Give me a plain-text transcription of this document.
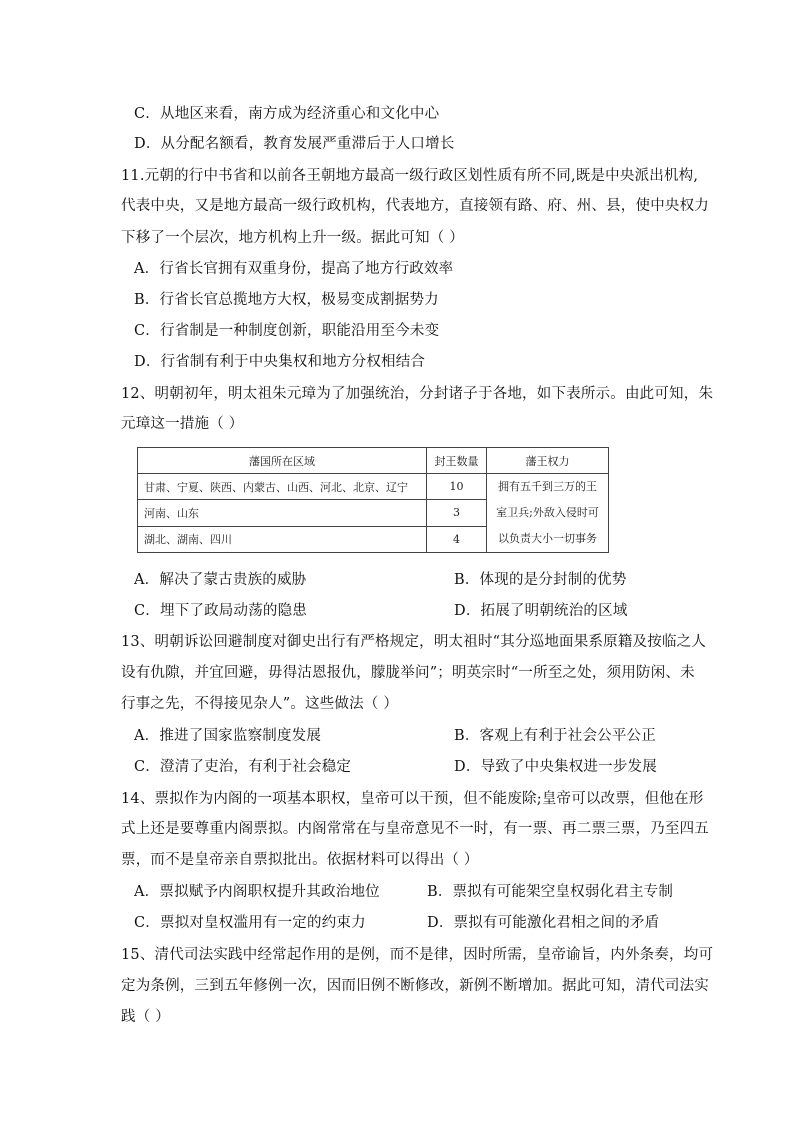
C．从地区来看，南方成为经济重心和文化中心
D．从分配名额看，教育发展严重滞后于人口增长
11.元朝的行中书省和以前各王朝地方最高一级行政区划性质有所不同,既是中央派出机构,
代表中央，又是地方最高一级行政机构，代表地方，直接领有路、府、州、县，使中央权力
下移了一个层次，地方机构上升一级。据此可知（ ）
A．行省长官拥有双重身份，提高了地方行政效率
B．行省长官总揽地方大权，极易变成割据势力
C．行省制是一种制度创新，职能沿用至今未变
D．行省制有利于中央集权和地方分权相结合
12、明朝初年，明太祖朱元璋为了加强统治，分封诸子于各地，如下表所示。由此可知，朱
元璋这一措施（ ）
藩国所在区域	封王数量	藩王权力
甘肃、宁夏、陕西、内蒙古、山西、河北、北京、辽宁	10	拥有五千到三万的王室卫兵;外敌入侵时可以负责大小一切事务
河南、山东	3	
湖北、湖南、四川	4	
A．解决了蒙古贵族的威胁	B．体现的是分封制的优势
C．埋下了政局动荡的隐患	D．拓展了明朝统治的区域
13、明朝诉讼回避制度对御史出行有严格规定，明太祖时“其分巡地面果系原籍及按临之人
设有仇隙，并宜回避，毋得沽恩报仇，朦胧举问”；明英宗时“一所至之处，须用防闲、未
行事之先，不得接见杂人”。这些做法（ ）
A．推进了国家监察制度发展	B．客观上有利于社会公平公正
C．澄清了吏治，有利于社会稳定	D．导致了中央集权进一步发展
14、票拟作为内阁的一项基本职权，皇帝可以干预，但不能废除;皇帝可以改票，但他在形
式上还是要尊重内阁票拟。内阁常常在与皇帝意见不一时，有一票、再二票三票，乃至四五
票，而不是皇帝亲自票拟批出。依据材料可以得出（ ）
A．票拟赋予内阁职权提升其政治地位	B．票拟有可能架空皇权弱化君主专制
C．票拟对皇权滥用有一定的约束力	D．票拟有可能激化君相之间的矛盾
15、清代司法实践中经常起作用的是例，而不是律，因时所需，皇帝谕旨，内外条奏，均可
定为条例，三到五年修例一次，因而旧例不断修改，新例不断增加。据此可知，清代司法实
践（ ）
